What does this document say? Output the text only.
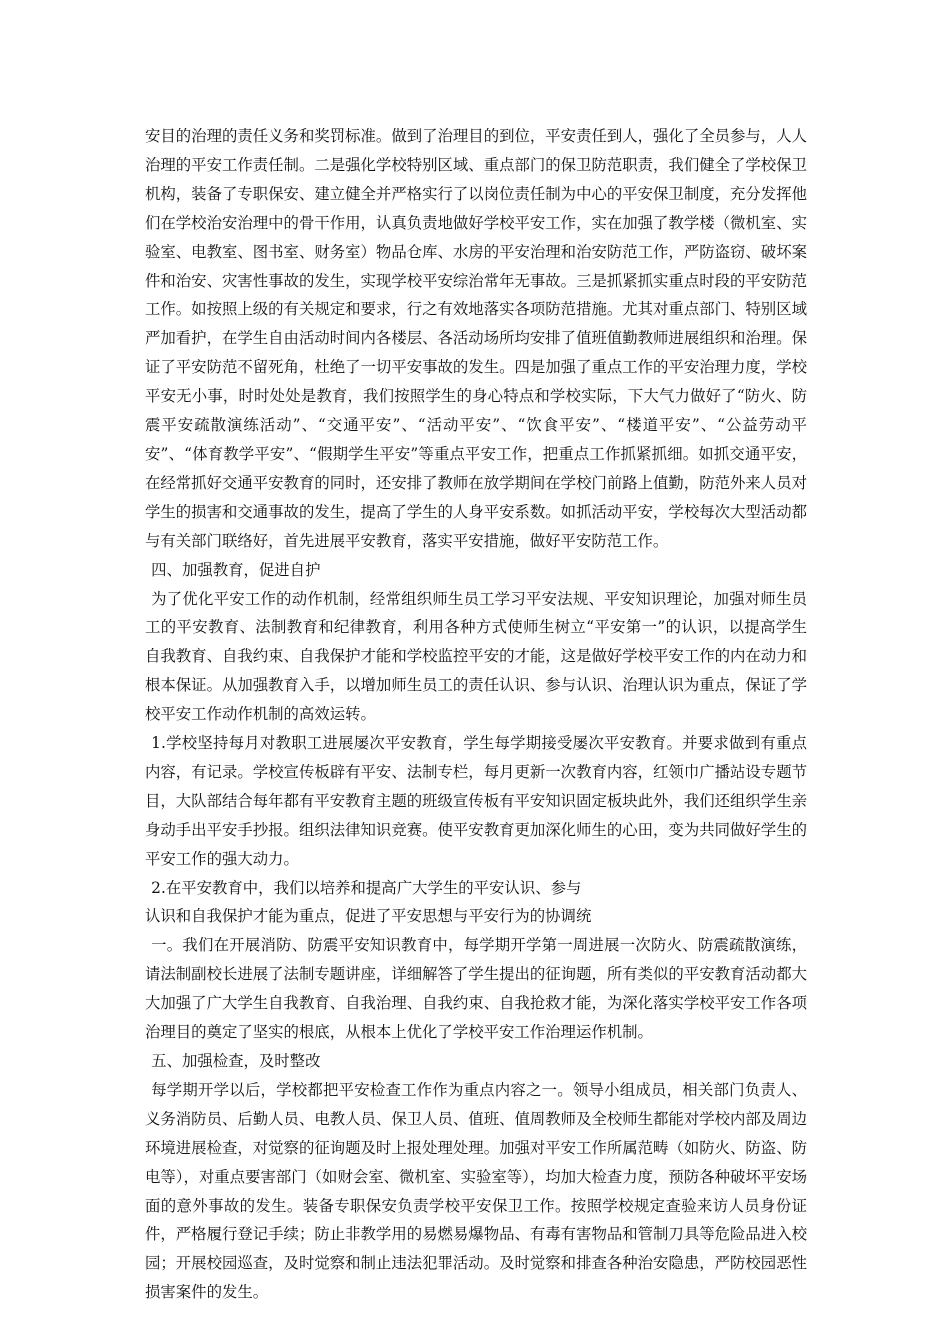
安目的治理的责任义务和奖罚标准。做到了治理目的到位，平安责任到人，强化了全员参与，人人治理的平安工作责任制。二是强化学校特别区域、重点部门的保卫防范职责，我们健全了学校保卫机构，装备了专职保安、建立健全并严格实行了以岗位责任制为中心的平安保卫制度，充分发挥他们在学校治安治理中的骨干作用，认真负责地做好学校平安工作，实在加强了教学楼（微机室、实验室、电教室、图书室、财务室）物品仓库、水房的平安治理和治安防范工作，严防盗窃、破坏案件和治安、灾害性事故的发生，实现学校平安综治常年无事故。三是抓紧抓实重点时段的平安防范工作。如按照上级的有关规定和要求，行之有效地落实各项防范措施。尤其对重点部门、特别区域严加看护，在学生自由活动时间内各楼层、各活动场所均安排了值班值勤教师进展组织和治理。保证了平安防范不留死角，杜绝了一切平安事故的发生。四是加强了重点工作的平安治理力度，学校平安无小事，时时处处是教育，我们按照学生的身心特点和学校实际，下大气力做好了“防火、防震平安疏散演练活动”、“交通平安”、“活动平安”、“饮食平安”、“楼道平安”、“公益劳动平安”、“体育教学平安”、“假期学生平安”等重点平安工作，把重点工作抓紧抓细。如抓交通平安，在经常抓好交通平安教育的同时，还安排了教师在放学期间在学校门前路上值勤，防范外来人员对学生的损害和交通事故的发生，提高了学生的人身平安系数。如抓活动平安，学校每次大型活动都与有关部门联络好，首先进展平安教育，落实平安措施，做好平安防范工作。

四、加强教育，促进自护

为了优化平安工作的动作机制，经常组织师生员工学习平安法规、平安知识理论，加强对师生员工的平安教育、法制教育和纪律教育，利用各种方式使师生树立“平安第一”的认识，以提高学生自我教育、自我约束、自我保护才能和学校监控平安的才能，这是做好学校平安工作的内在动力和根本保证。从加强教育入手，以增加师生员工的责任认识、参与认识、治理认识为重点，保证了学校平安工作动作机制的高效运转。

1.学校坚持每月对教职工进展屡次平安教育，学生每学期接受屡次平安教育。并要求做到有重点内容，有记录。学校宣传板辟有平安、法制专栏，每月更新一次教育内容，红领巾广播站设专题节目，大队部结合每年都有平安教育主题的班级宣传板有平安知识固定板块此外，我们还组织学生亲身动手出平安手抄报。组织法律知识竞赛。使平安教育更加深化师生的心田，变为共同做好学生的平安工作的强大动力。

2.在平安教育中，我们以培养和提高广大学生的平安认识、参与

认识和自我保护才能为重点，促进了平安思想与平安行为的协调统

一。我们在开展消防、防震平安知识教育中，每学期开学第一周进展一次防火、防震疏散演练，请法制副校长进展了法制专题讲座，详细解答了学生提出的征询题，所有类似的平安教育活动都大大加强了广大学生自我教育、自我治理、自我约束、自我抢救才能，为深化落实学校平安工作各项治理目的奠定了坚实的根底，从根本上优化了学校平安工作治理运作机制。

五、加强检查，及时整改

每学期开学以后，学校都把平安检查工作作为重点内容之一。领导小组成员，相关部门负责人、义务消防员、后勤人员、电教人员、保卫人员、值班、值周教师及全校师生都能对学校内部及周边环境进展检查，对觉察的征询题及时上报处理处理。加强对平安工作所属范畴（如防火、防盗、防电等），对重点要害部门（如财会室、微机室、实验室等），均加大检查力度，预防各种破坏平安场面的意外事故的发生。装备专职保安负责学校平安保卫工作。按照学校规定查验来访人员身份证件，严格履行登记手续；防止非教学用的易燃易爆物品、有毒有害物品和管制刀具等危险品进入校园；开展校园巡查，及时觉察和制止违法犯罪活动。及时觉察和排查各种治安隐患，严防校园恶性损害案件的发生。
